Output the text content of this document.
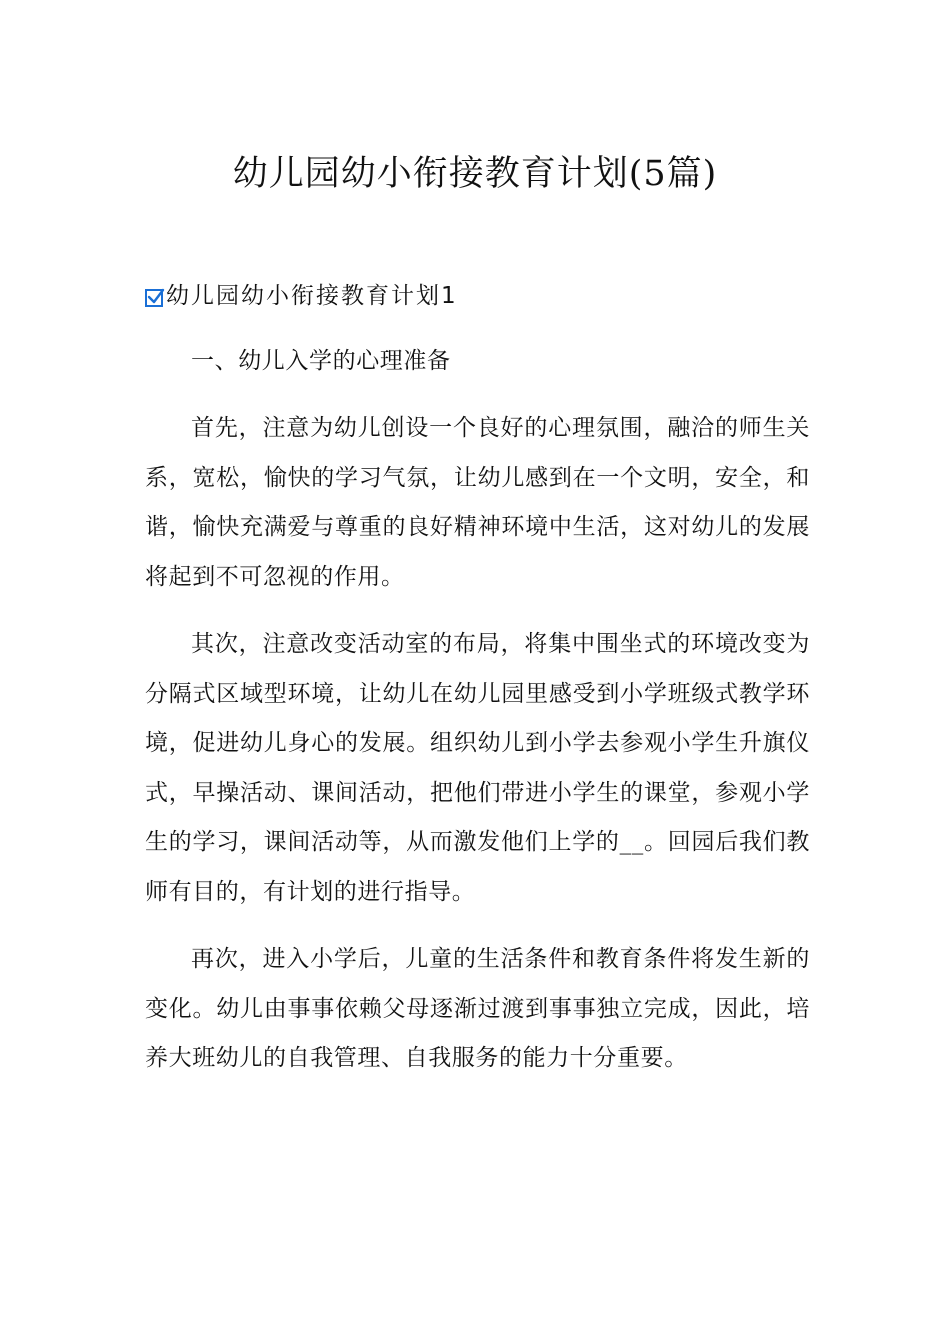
幼儿园幼小衔接教育计划(5篇)
幼儿园幼小衔接教育计划1

一、幼儿入学的心理准备

首先，注意为幼儿创设一个良好的心理氛围，融洽的师生关系，宽松，愉快的学习气氛，让幼儿感到在一个文明，安全，和谐，愉快充满爱与尊重的良好精神环境中生活，这对幼儿的发展将起到不可忽视的作用。

其次，注意改变活动室的布局，将集中围坐式的环境改变为分隔式区域型环境，让幼儿在幼儿园里感受到小学班级式教学环境，促进幼儿身心的发展。组织幼儿到小学去参观小学生升旗仪式，早操活动、课间活动，把他们带进小学生的课堂，参观小学生的学习，课间活动等，从而激发他们上学的__。回园后我们教师有目的，有计划的进行指导。

再次，进入小学后，儿童的生活条件和教育条件将发生新的变化。幼儿由事事依赖父母逐渐过渡到事事独立完成，因此，培养大班幼儿的自我管理、自我服务的能力十分重要。
